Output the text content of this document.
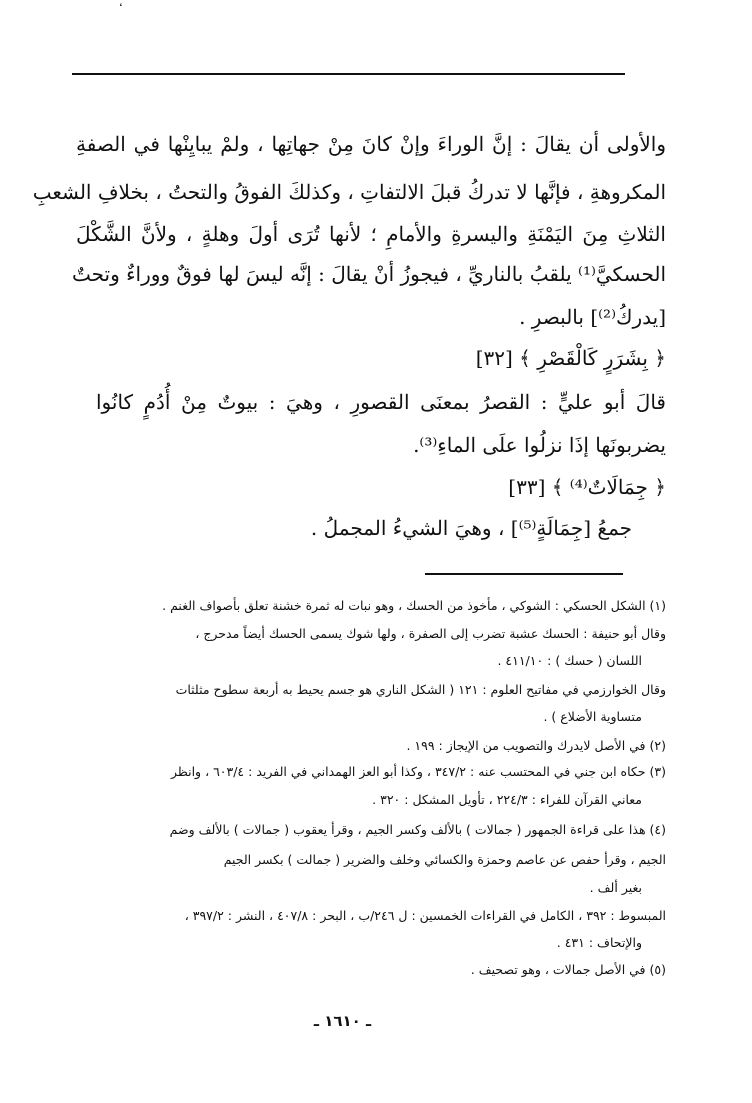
والأولى أن يقالَ : إنَّ الوراءَ وإنْ كانَ مِنْ جهاتِها ، ولمْ يبايِنْها في الصفةِ
المكروهةِ ، فإنَّها لا تدركُ قبلَ الالتفاتِ ، وكذلكَ الفوقُ والتحتُ ، بخلافِ الشعبِ
الثلاثِ مِنَ اليَمْنَةِ واليسرةِ والأمامِ ؛ لأنها تُرَى أولَ وهلةٍ ، ولأنَّ الشَّكْلَ
الحسكيَّ⁽¹⁾ يلقبُ بالناريِّ ، فيجوزُ أنْ يقالَ : إنَّه ليسَ لها فوقٌ ووراءٌ وتحتٌ
[يدركُ⁽²⁾] بالبصرِ .
﴿ بِشَرَرٍ كَالْقَصْرِ ﴾ [٣٢]
قالَ أبو عليٍّ : القصرُ بمعنَى القصورِ ، وهيَ : بيوتٌ مِنْ أُدُمٍ كانُوا
يضربونَها إذَا نزلُوا علَى الماءِ⁽³⁾.
﴿ جِمَالَاتٌ⁽⁴⁾ ﴾ [٣٣]
جمعُ [جِمَالَةٍ⁽⁵⁾] ، وهيَ الشيءُ المجملُ .
(١) الشكل الحسكي : الشوكي ، مأخوذ من الحسك ، وهو نبات له ثمرة خشنة تعلق بأصواف الغنم .
وقال أبو حنيفة : الحسك عشبة تضرب إلى الصفرة ، ولها شوك يسمى الحسك أيضاً مدحرج ،
اللسان ( حسك ) : ٤١١/١٠ .
وقال الخوارزمي في مفاتيح العلوم : ١٢١ ( الشكل الناري هو جسم يحيط به أربعة سطوح مثلثات
متساوية الأضلاع ) .
(٢) في الأصل لايدرك والتصويب من الإيجاز : ١٩٩ .
(٣) حكاه ابن جني في المحتسب عنه : ٣٤٧/٢ ، وكذا أبو العز الهمداني في الفريد : ٦٠٣/٤ ، وانظر
معاني القرآن للفراء : ٢٢٤/٣ ، تأويل المشكل : ٣٢٠ .
(٤) هذا على قراءة الجمهور ( جمالات ) بالألف وكسر الجيم ، وقرأ يعقوب ( جمالات ) بالألف وضم
الجيم ، وقرأ حفص عن عاصم وحمزة والكسائي وخلف والضرير ( جمالت ) بكسر الجيم
بغير ألف .
المبسوط : ٣٩٢ ، الكامل في القراءات الخمسين : ل ٢٤٦/ب ، البحر : ٤٠٧/٨ ، النشر : ٣٩٧/٢ ،
والإتحاف : ٤٣١ .
(٥) في الأصل جمالات ، وهو تصحيف .
ـ ١٦١٠ ـ
